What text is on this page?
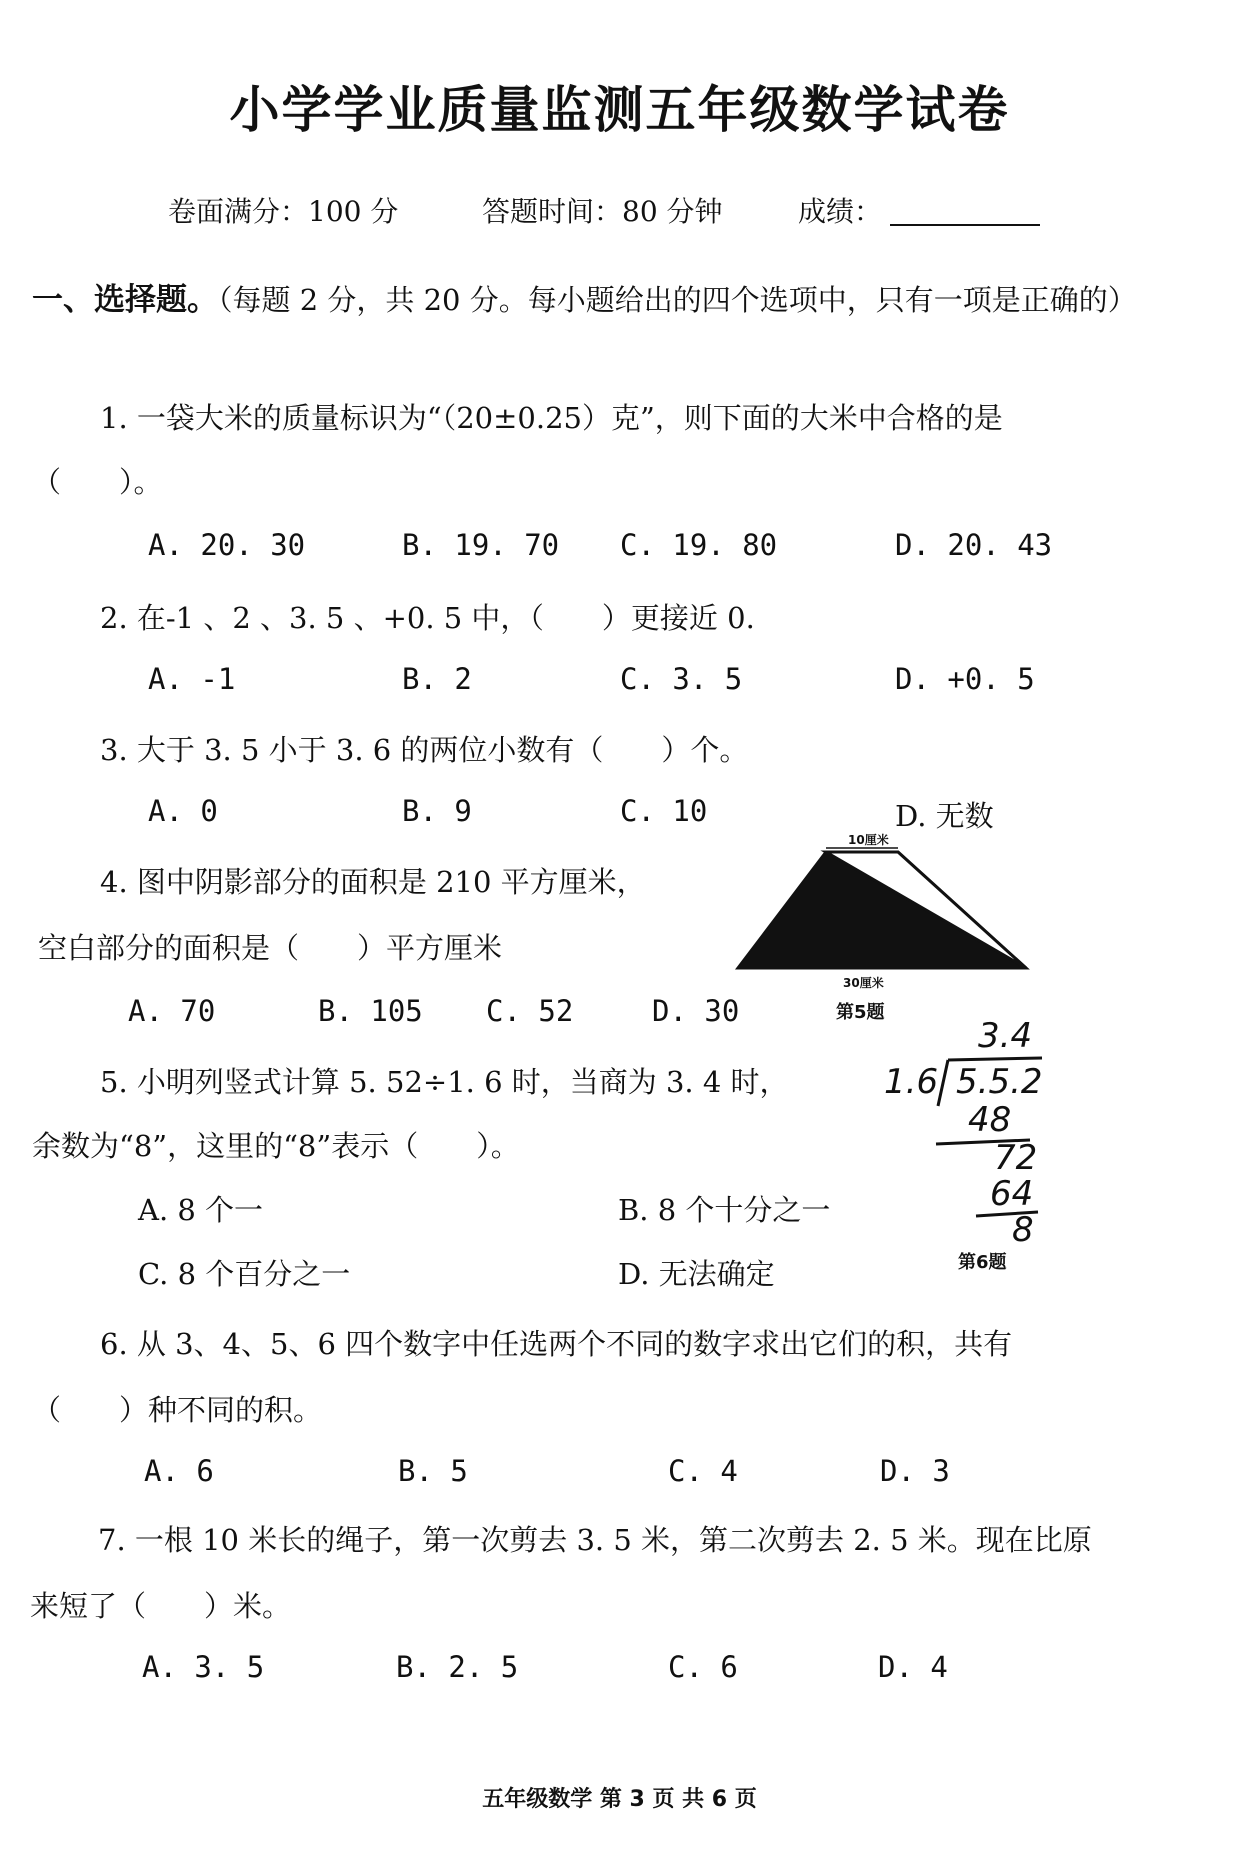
小学学业质量监测五年级数学试卷
卷面满分：100 分	答题时间：80 分钟	成绩：
一、选择题。（每题 2 分，共 20 分。每小题给出的四个选项中，只有一项是正确的）
1. 一袋大米的质量标识为“（20±0.25）克”，则下面的大米中合格的是
（　　）。
A. 20. 30	B. 19. 70 C. 19. 80	D. 20. 43
2. 在-1 、2 、3. 5 、+0. 5 中，（　　）更接近 0.
A. -1	B. 2	C. 3. 5	D. +0. 5
3. 大于 3. 5 小于 3. 6 的两位小数有（　　）个。
A. 0	B. 9	C. 10	D. 无数
4. 图中阴影部分的面积是 210 平方厘米，
空白部分的面积是（　　）平方厘米
A. 70	B. 105 C. 52	D. 30
10厘米
30厘米
第5题
5. 小明列竖式计算 5. 52÷1. 6 时，当商为 3. 4 时，
余数为“8”，这里的“8”表示（　　）。
A. 8 个一	B. 8 个十分之一
C. 8 个百分之一	D. 无法确定
3.4
1.6 5.5.2
48
72
64
8
第6题
6. 从 3、4、5、6 四个数字中任选两个不同的数字求出它们的积，共有
（　　）种不同的积。
A. 6	B. 5	C. 4	D. 3
7. 一根 10 米长的绳子，第一次剪去 3. 5 米，第二次剪去 2. 5 米。现在比原
来短了（　　）米。
A. 3. 5	B. 2. 5	C. 6	D. 4
五年级数学 第 3 页 共 6 页
